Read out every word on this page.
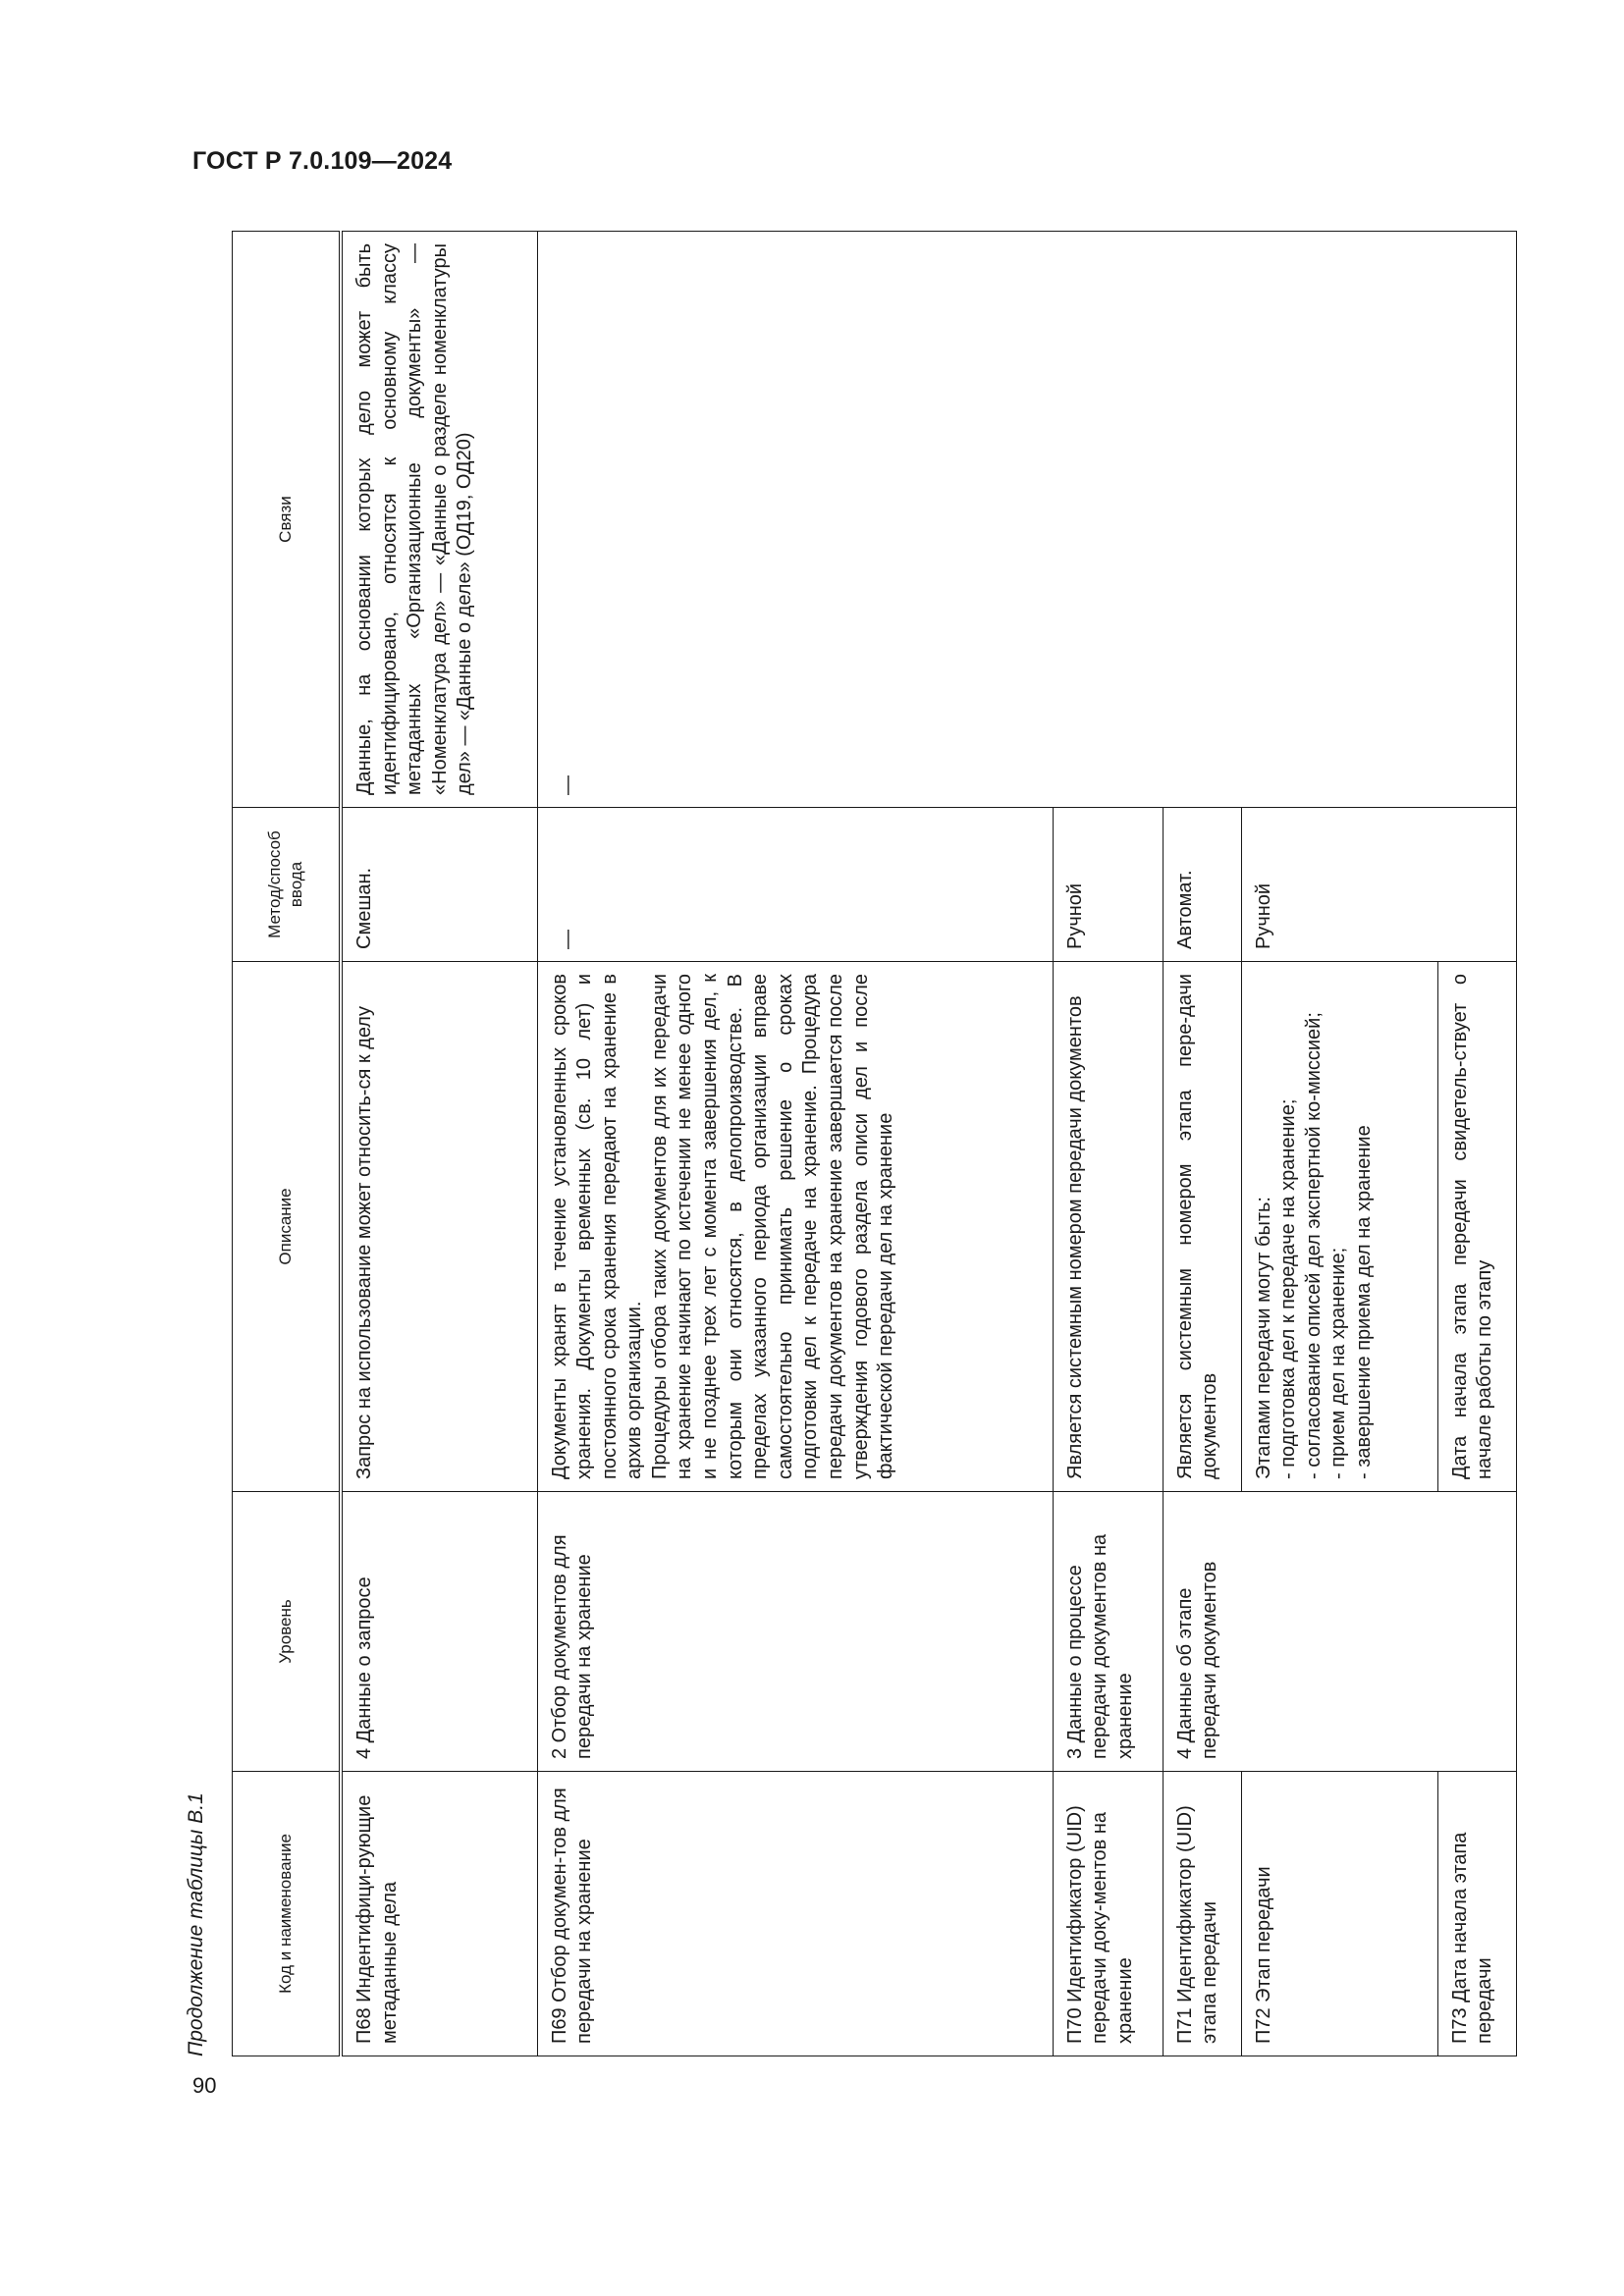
ГОСТ Р 7.0.109—2024
Продолжение таблицы В.1	Код и наименование	Уровень	Описание	Метод/способ ввода	Связи
П68 Индентифици-рующие метаданные дела	4 Данные о запросе	Запрос на использование может относить-ся к делу	Смешан.	Данные, на основании которых дело может быть идентифицировано, относятся к основному классу метаданных «Организационные документы» — «Номенклатура дел» — «Данные о разделе номенклатуры дел» — «Данные о деле» (ОД19, ОД20)
П69 Отбор докумен-тов для передачи на хранение	2 Отбор документов для передачи на хранение	Документы хранят в течение установленных сроков хранения. Документы временных (св. 10 лет) и постоянного срока хранения передают на хранение в архив организации. Процедуры отбора таких документов для их передачи на хранение начинают по истечении не менее одного и не позднее трех лет с момента завершения дел, к которым они относятся, в делопроизводстве. В пределах указанного периода организации вправе самостоятельно принимать решение о сроках подготовки дел к передаче на хранение. Процедура передачи документов на хранение завершается после утверждения годового раздела описи дел и после фактической передачи дел на хранение	—	—
П70 Идентификатор (UID) передачи доку-ментов на хранение	3 Данные о процессе передачи документов на хранение	Является системным номером передачи документов	Ручной	
П71 Идентификатор (UID) этапа передачи	4 Данные об этапе передачи документов	Является системным номером этапа пере-дачи документов	Автомат.	
П72 Этап передачи		Этапами передачи могут быть: - подготовка дел к передаче на хранение; - согласование описей дел экспертной ко-миссией; - прием дел на хранение; - завершение приема дел на хранение	Ручной	
П73 Дата начала этапа передачи		Дата начала этапа передачи свидетель-ствует о начале работы по этапу		
90
